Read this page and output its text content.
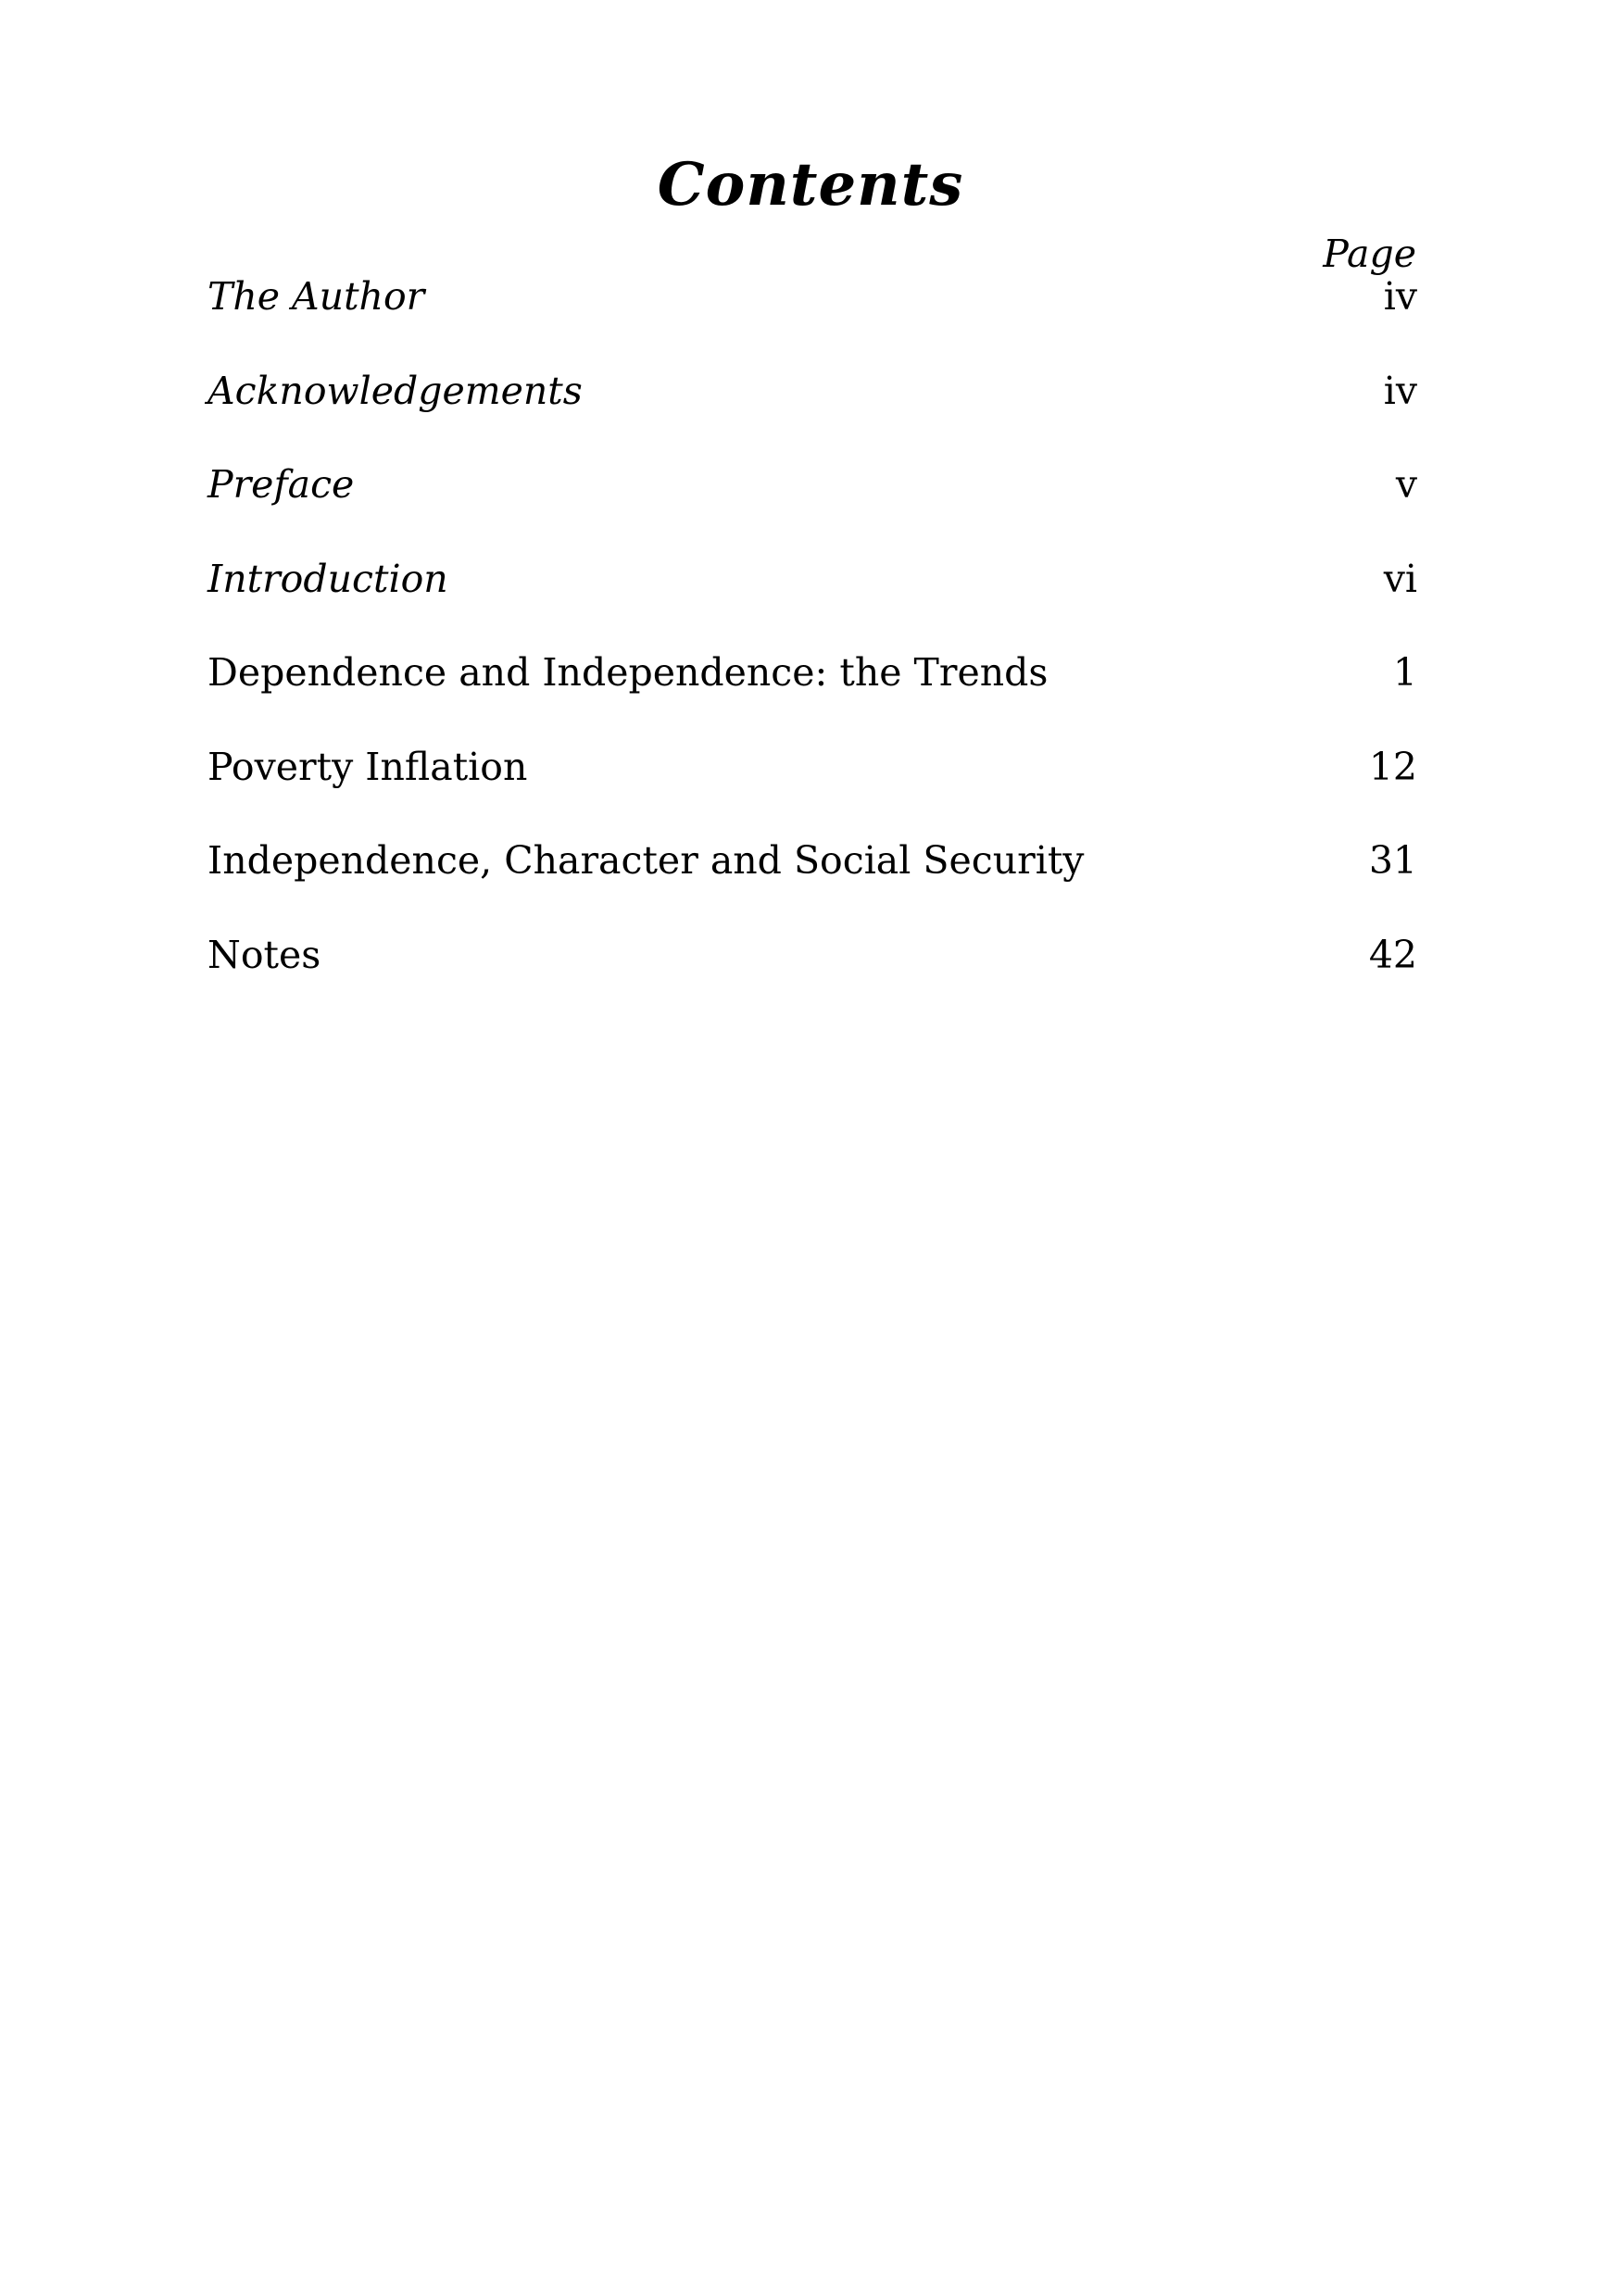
Contents
Page
The Author	iv
Acknowledgements	iv
Preface	v
Introduction	vi
Dependence and Independence: the Trends	1
Poverty Inflation	12
Independence, Character and Social Security	31
Notes	42
